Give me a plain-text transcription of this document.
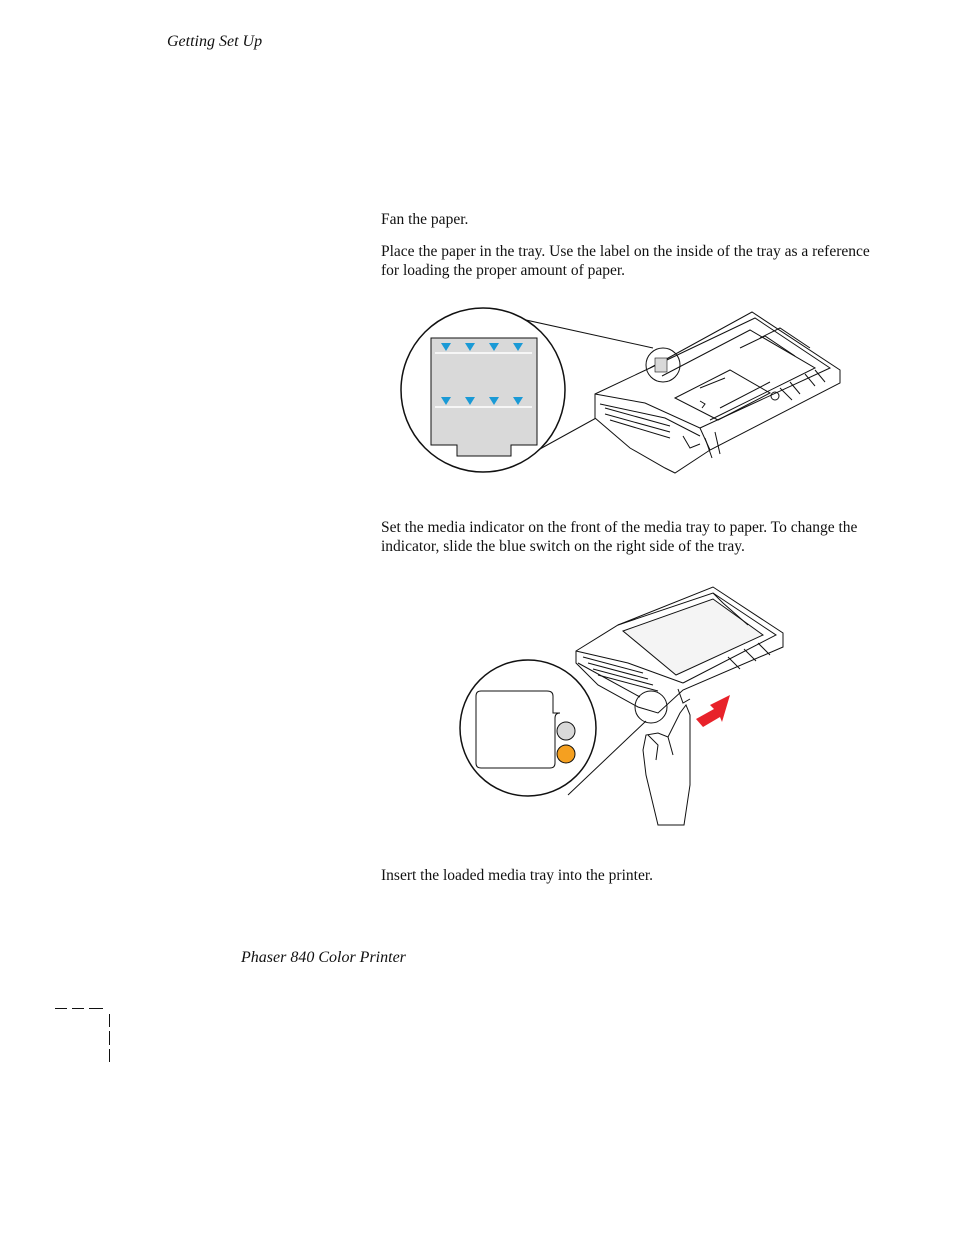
Getting Set Up
Fan the paper.
Place the paper in the tray. Use the label on the inside of the tray as a reference for loading the proper amount of paper.
Set the media indicator on the front of the media tray to paper. To change the indicator, slide the blue switch on the right side of the tray.
Insert the loaded media tray into the printer.
Phaser 840 Color Printer
